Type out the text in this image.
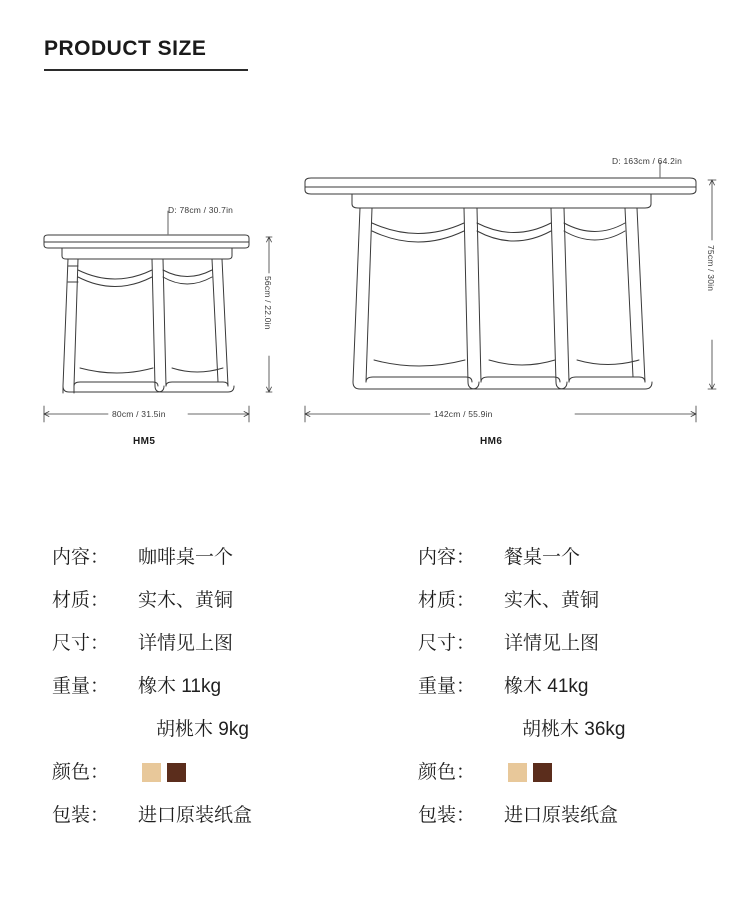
PRODUCT SIZE
D: 78cm / 30.7in
56cm / 22.0in
80cm / 31.5in
HM5
D: 163cm / 64.2in
75cm / 30in
142cm / 55.9in
HM6
内容：	咖啡桌一个
材质：	实木、黄铜
尺寸：	详情见上图
重量：	橡木 11kg
胡桃木 9kg
颜色：
包装：	进口原装纸盒
内容：	餐桌一个
材质：	实木、黄铜
尺寸：	详情见上图
重量：	橡木 41kg
胡桃木 36kg
颜色：
包装：	进口原装纸盒
